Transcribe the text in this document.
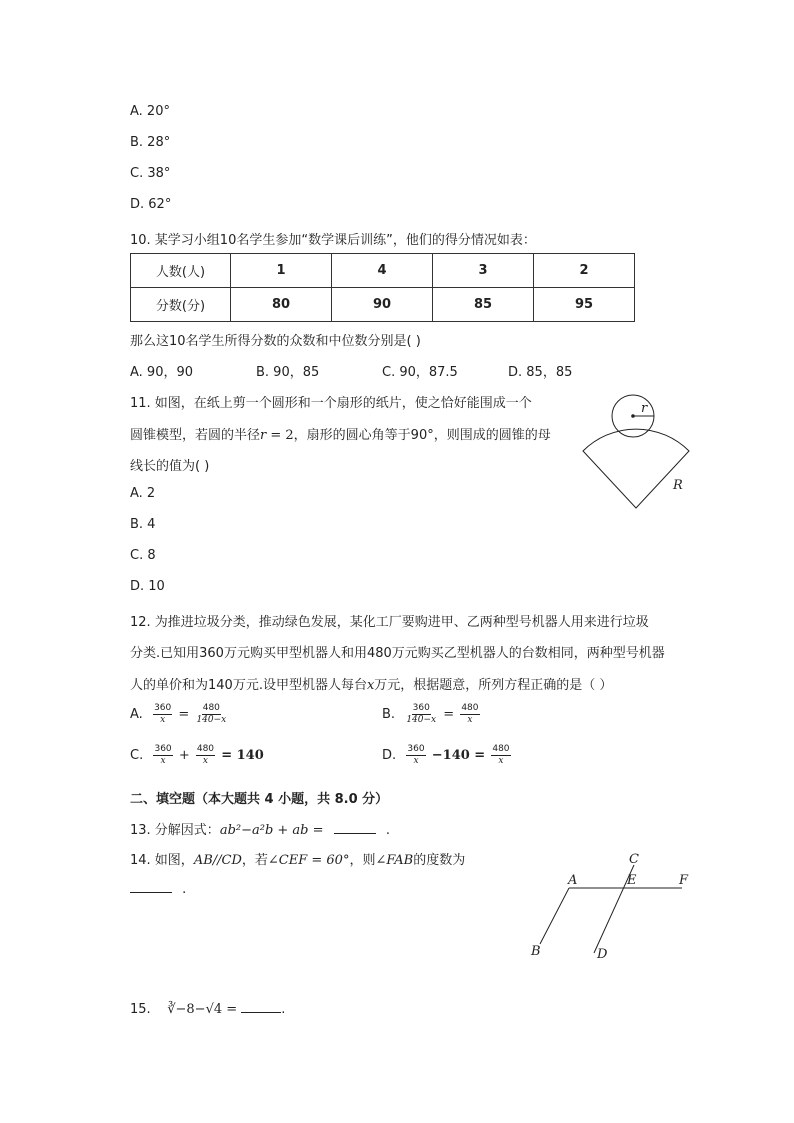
A. 20°
B. 28°
C. 38°
D. 62°
10. 某学习小组10名学生参加“数学课后训练”，他们的得分情况如表：
人数(人)	1	4	3	2
分数(分)	80	90	85	95
那么这10名学生所得分数的众数和中位数分别是( )
A. 90，90	B. 90，85	C. 90，87.5	D. 85，85
11. 如图，在纸上剪一个圆形和一个扇形的纸片，使之恰好能围成一个
圆锥模型，若圆的半径r = 2，扇形的圆心角等于90°，则围成的圆锥的母
线长的值为( )
A. 2
B. 4
C. 8
D. 10
r
R
12. 为推进垃圾分类，推动绿色发展，某化工厂要购进甲、乙两种型号机器人用来进行垃圾
分类.已知用360万元购买甲型机器人和用480万元购买乙型机器人的台数相同，两种型号机器
人的单价和为140万元.设甲型机器人每台x万元，根据题意，所列方程正确的是（ ）
A. $\frac{360}{x} = \frac{480}{140-x}$	B. $\frac{360}{140-x} = \frac{480}{x}$
C. $\frac{360}{x} + \frac{480}{x} = 140$	D. $\frac{360}{x} -140 = \frac{480}{x}$
二、填空题（本大题共 4 小题，共 8.0 分）
13. 分解因式：ab²−a²b + ab =	.
14. 如图，AB//CD，若∠CEF = 60°，则∠FAB的度数为
.
A
B
C
D
E	F
15. ∛−8−√4 =	.
